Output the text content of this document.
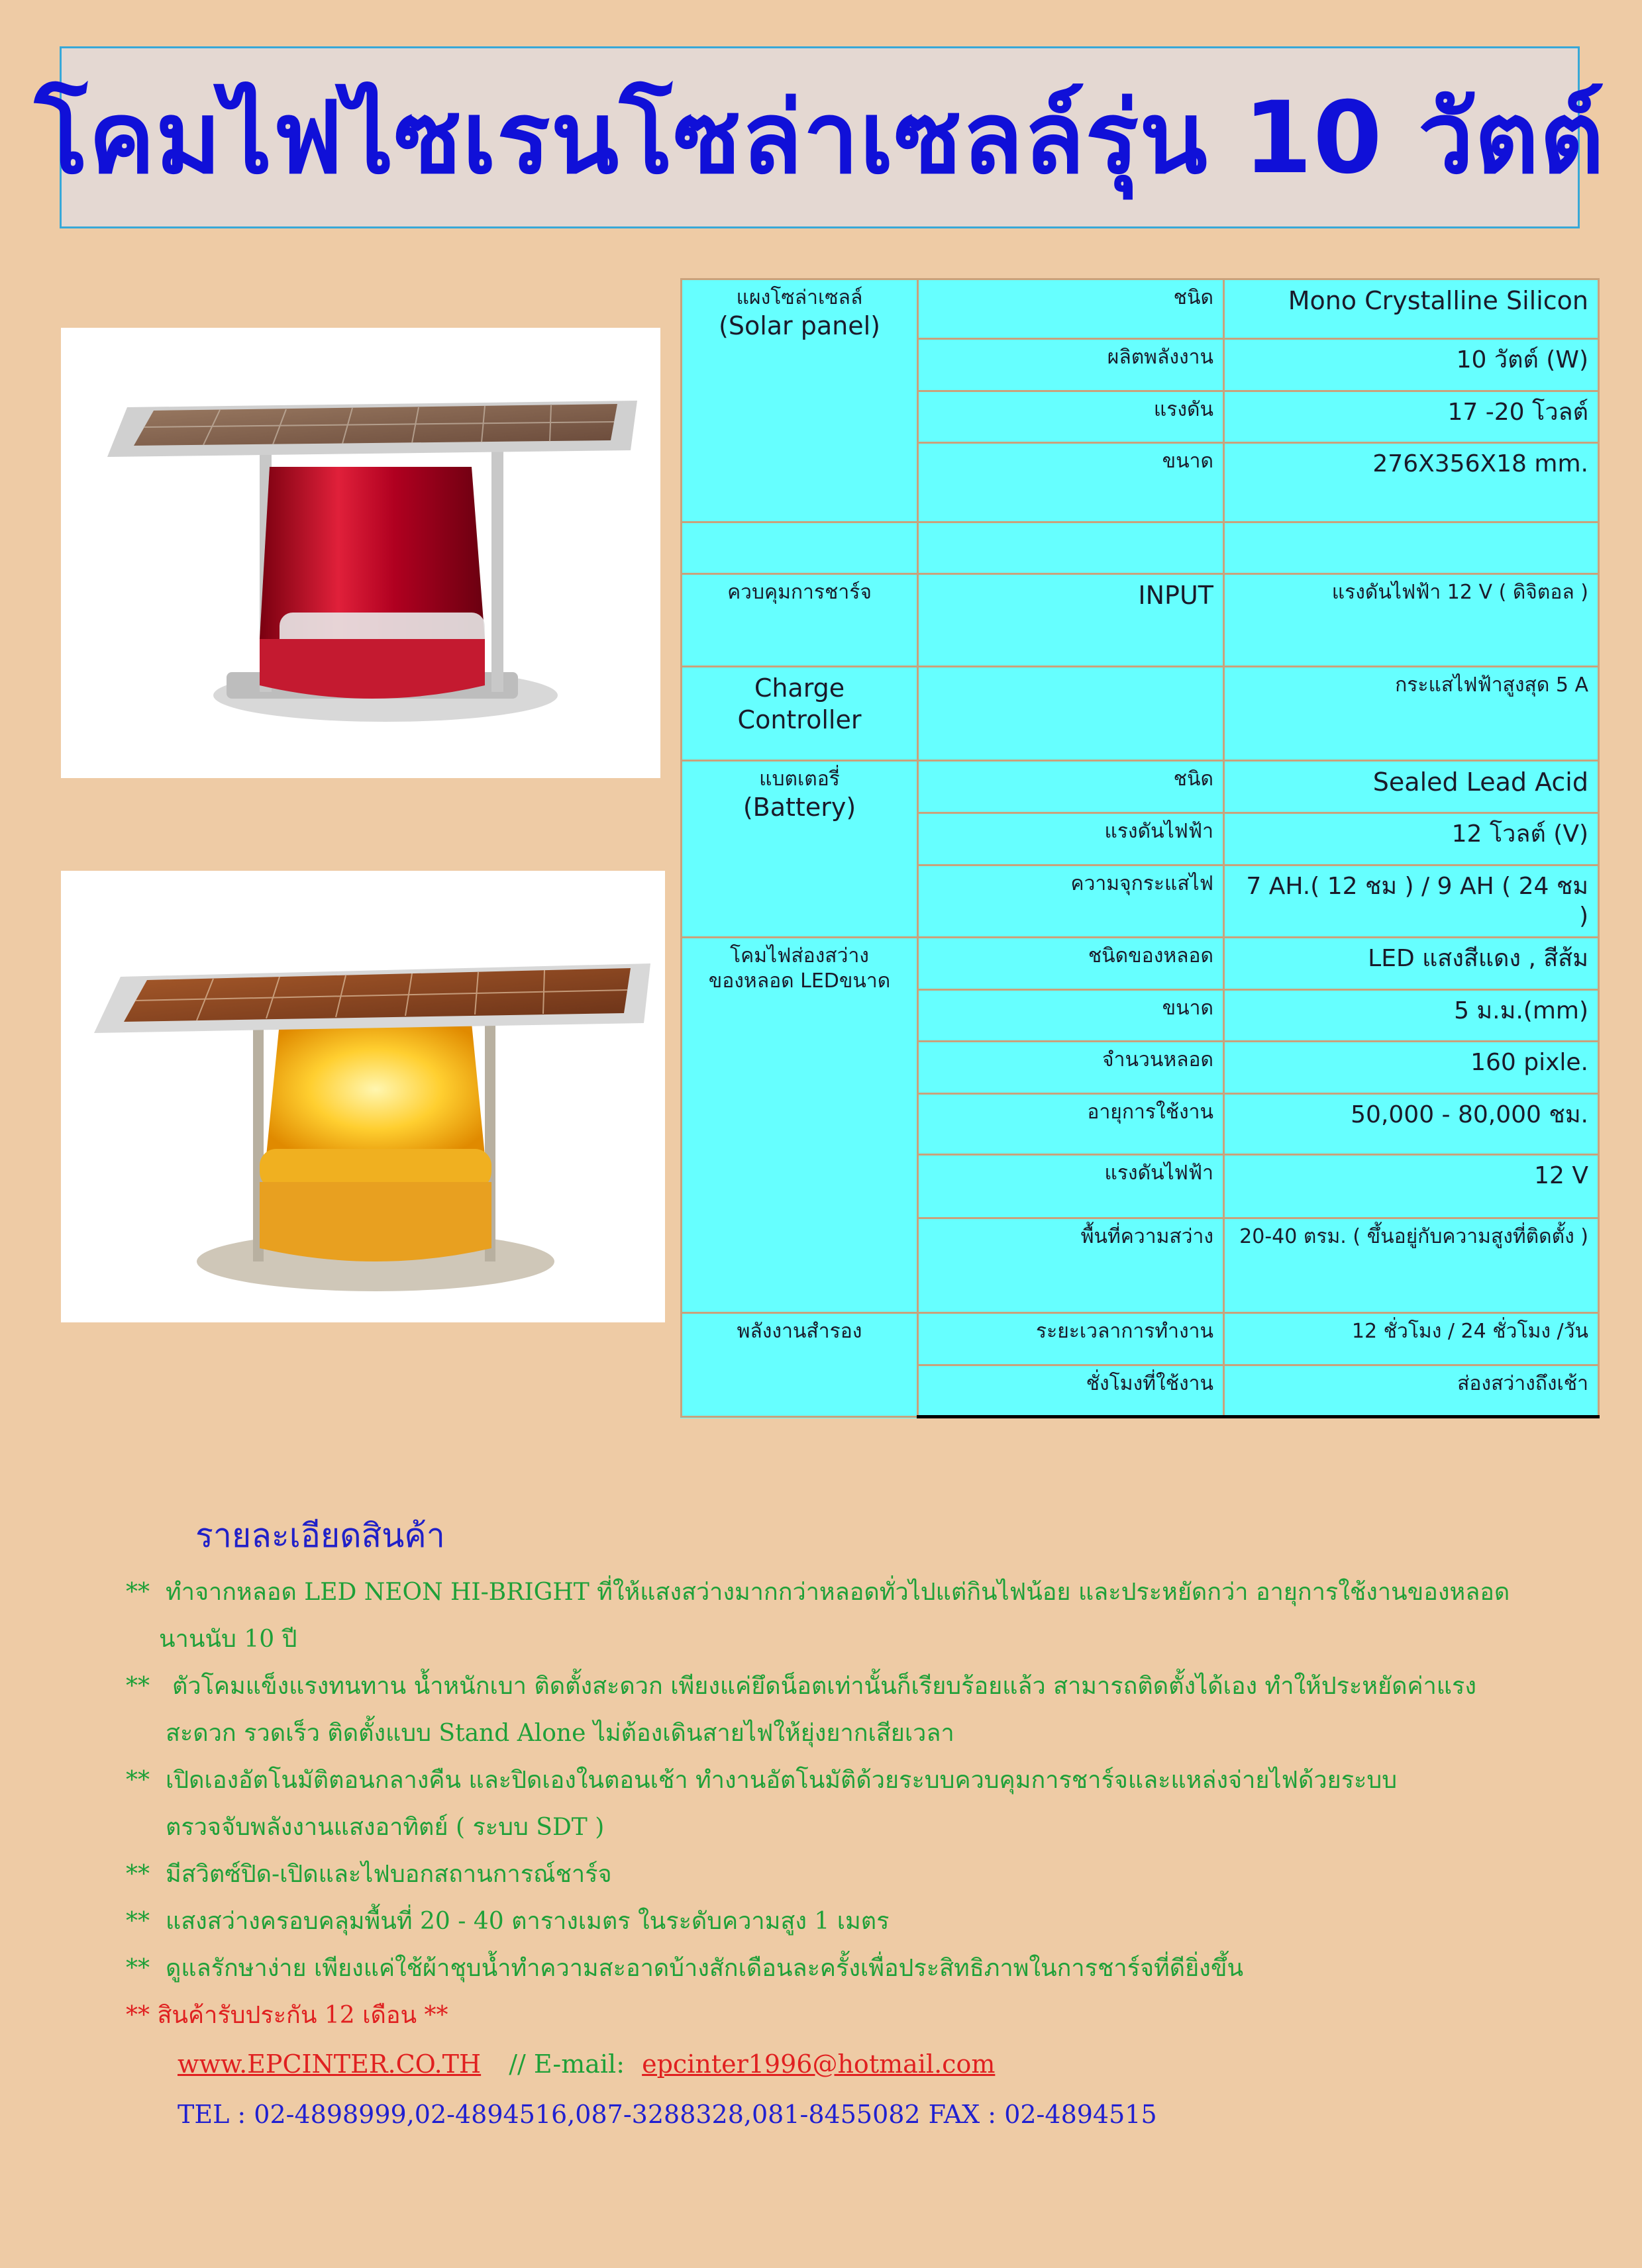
โคมไฟไซเรนโซล่าเซลล์รุ่น 10 วัตต์
แผงโซล่าเซลล์
(Solar panel)	ชนิด	Mono Crystalline Silicon
	ผลิตพลังงาน	10 วัตต์ (W)
	แรงดัน	17 -20 โวลต์
	ขนาด	276X356X18 mm.

ควบคุมการชาร์จ	INPUT	แรงดันไฟฟ้า 12 V ( ดิจิตอล )
Charge Controller		กระแสไฟฟ้าสูงสุด 5 A

แบตเตอรี่
(Battery)	ชนิด	Sealed Lead Acid
	แรงดันไฟฟ้า	12 โวลต์ (V)
	ความจุกระแสไฟ	7 AH.( 12 ชม ) / 9 AH ( 24 ชม )

โคมไฟส่องสว่าง
ของหลอด LEDขนาด	ชนิดของหลอด	LED แสงสีแดง , สีส้ม
	ขนาด	5 ม.ม.(mm)
	จำนวนหลอด	160 pixle.
	อายุการใช้งาน	50,000 - 80,000 ชม.
	แรงดันไฟฟ้า	12 V
	พื้นที่ความสว่าง	20-40 ตรม. ( ขึ้นอยู่กับความสูงที่ติดตั้ง )
พลังงานสำรอง	ระยะเวลาการทำงาน	12 ชั่วโมง / 24 ชั่วโมง /วัน
	ชั่งโมงที่ใช้งาน	ส่องสว่างถึงเช้า
รายละเอียดสินค้า
** ทำจากหลอด LED NEON HI-BRIGHT ที่ให้แสงสว่างมากกว่าหลอดทั่วไปแต่กินไฟน้อย และประหยัดกว่า อายุการใช้งานของหลอด
นานนับ 10 ปี
** ตัวโคมแข็งแรงทนทาน น้ำหนักเบา ติดตั้งสะดวก เพียงแค่ยึดน็อตเท่านั้นก็เรียบร้อยแล้ว สามารถติดตั้งได้เอง ทำให้ประหยัดค่าแรง
สะดวก รวดเร็ว ติดตั้งแบบ Stand Alone ไม่ต้องเดินสายไฟให้ยุ่งยากเสียเวลา
** เปิดเองอัตโนมัติตอนกลางคืน และปิดเองในตอนเช้า ทำงานอัตโนมัติด้วยระบบควบคุมการชาร์จและแหล่งจ่ายไฟด้วยระบบ
ตรวจจับพลังงานแสงอาทิตย์ ( ระบบ SDT )
** มีสวิตซ์ปิด-เปิดและไฟบอกสถานการณ์ชาร์จ
** แสงสว่างครอบคลุมพื้นที่ 20 - 40 ตารางเมตร ในระดับความสูง 1 เมตร
** ดูแลรักษาง่าย เพียงแค่ใช้ผ้าชุบน้ำทำความสะอาดบ้างสักเดือนละครั้งเพื่อประสิทธิภาพในการชาร์จที่ดียิ่งขึ้น
** สินค้ารับประกัน 12 เดือน **
www.EPCINTER.CO.TH // E-mail: epcinter1996@hotmail.com
TEL : 02-4898999,02-4894516,087-3288328,081-8455082 FAX : 02-4894515
